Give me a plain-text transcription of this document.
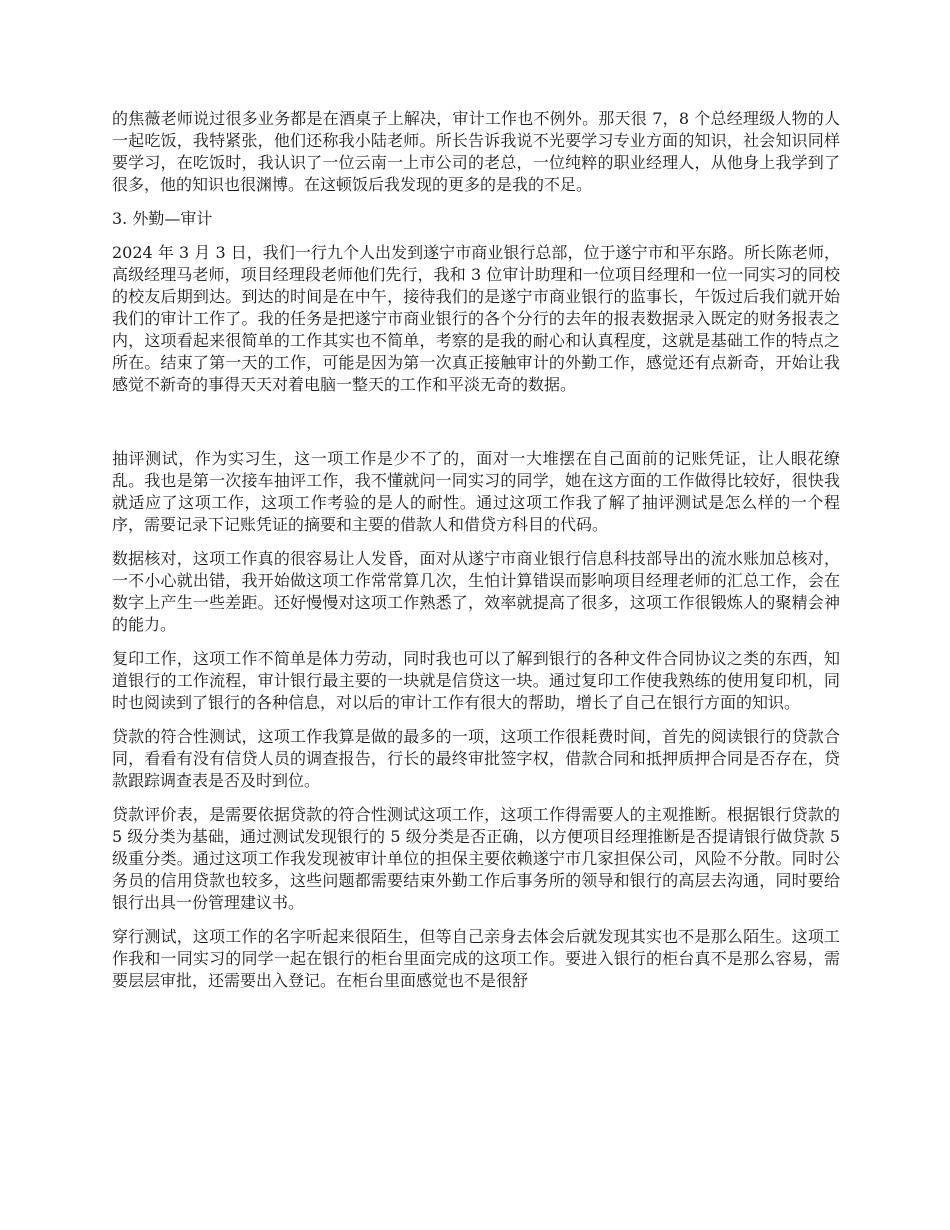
的焦薇老师说过很多业务都是在酒桌子上解决，审计工作也不例外。那天很 7，8 个总经理级人物的人一起吃饭，我特紧张，他们还称我小陆老师。所长告诉我说不光要学习专业方面的知识，社会知识同样要学习，在吃饭时，我认识了一位云南一上市公司的老总，一位纯粹的职业经理人，从他身上我学到了很多，他的知识也很渊博。在这顿饭后我发现的更多的是我的不足。

3. 外勤—审计

2024 年 3 月 3 日，我们一行九个人出发到遂宁市商业银行总部，位于遂宁市和平东路。所长陈老师，高级经理马老师，项目经理段老师他们先行，我和 3 位审计助理和一位项目经理和一位一同实习的同校的校友后期到达。到达的时间是在中午，接待我们的是遂宁市商业银行的监事长，午饭过后我们就开始我们的审计工作了。我的任务是把遂宁市商业银行的各个分行的去年的报表数据录入既定的财务报表之内，这项看起来很简单的工作其实也不简单，考察的是我的耐心和认真程度，这就是基础工作的特点之所在。结束了第一天的工作，可能是因为第一次真正接触审计的外勤工作，感觉还有点新奇，开始让我感觉不新奇的事得天天对着电脑一整天的工作和平淡无奇的数据。

抽评测试，作为实习生，这一项工作是少不了的，面对一大堆摆在自己面前的记账凭证，让人眼花缭乱。我也是第一次接车抽评工作，我不懂就问一同实习的同学，她在这方面的工作做得比较好，很快我就适应了这项工作，这项工作考验的是人的耐性。通过这项工作我了解了抽评测试是怎么样的一个程序，需要记录下记账凭证的摘要和主要的借款人和借贷方科目的代码。

数据核对，这项工作真的很容易让人发昏，面对从遂宁市商业银行信息科技部导出的流水账加总核对，一不小心就出错，我开始做这项工作常常算几次，生怕计算错误而影响项目经理老师的汇总工作，会在数字上产生一些差距。还好慢慢对这项工作熟悉了，效率就提高了很多，这项工作很锻炼人的聚精会神的能力。

复印工作，这项工作不简单是体力劳动，同时我也可以了解到银行的各种文件合同协议之类的东西，知道银行的工作流程，审计银行最主要的一块就是信贷这一块。通过复印工作使我熟练的使用复印机，同时也阅读到了银行的各种信息，对以后的审计工作有很大的帮助，增长了自己在银行方面的知识。

贷款的符合性测试，这项工作我算是做的最多的一项，这项工作很耗费时间，首先的阅读银行的贷款合同，看看有没有信贷人员的调查报告，行长的最终审批签字权，借款合同和抵押质押合同是否存在，贷款跟踪调查表是否及时到位。

贷款评价表，是需要依据贷款的符合性测试这项工作，这项工作得需要人的主观推断。根据银行贷款的 5 级分类为基础，通过测试发现银行的 5 级分类是否正确，以方便项目经理推断是否提请银行做贷款 5 级重分类。通过这项工作我发现被审计单位的担保主要依赖遂宁市几家担保公司，风险不分散。同时公务员的信用贷款也较多，这些问题都需要结束外勤工作后事务所的领导和银行的高层去沟通，同时要给银行出具一份管理建议书。

穿行测试，这项工作的名字听起来很陌生，但等自己亲身去体会后就发现其实也不是那么陌生。这项工作我和一同实习的同学一起在银行的柜台里面完成的这项工作。要进入银行的柜台真不是那么容易，需要层层审批，还需要出入登记。在柜台里面感觉也不是很舒
